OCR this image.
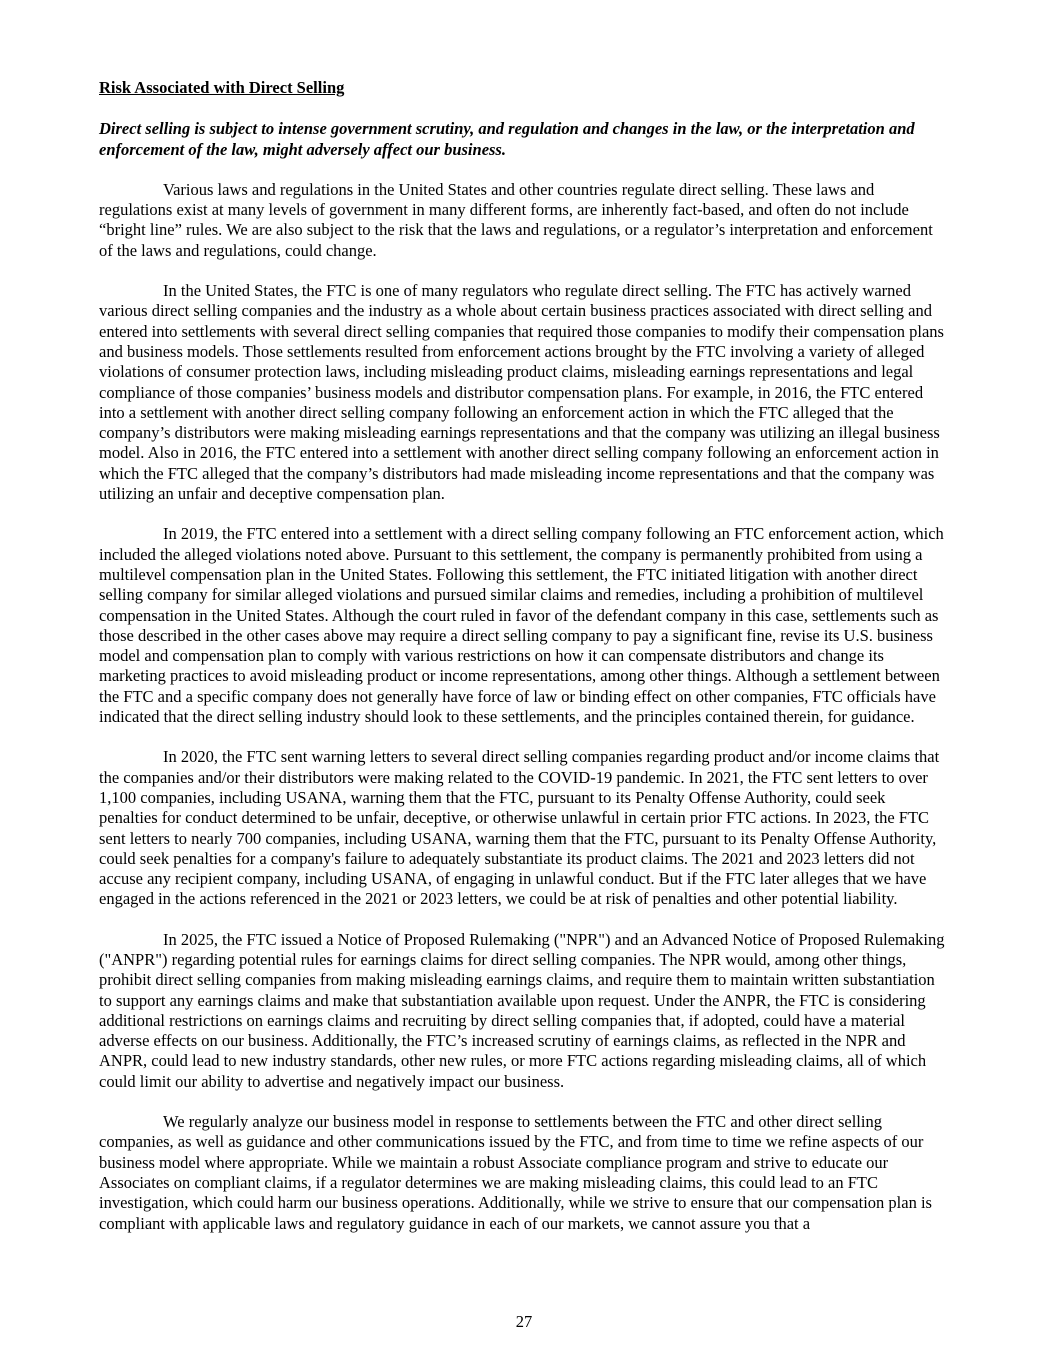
Risk Associated with Direct Selling

Direct selling is subject to intense government scrutiny, and regulation and changes in the law, or the interpretation and enforcement of the law, might adversely affect our business.

Various laws and regulations in the United States and other countries regulate direct selling. These laws and regulations exist at many levels of government in many different forms, are inherently fact-based, and often do not include “bright line” rules. We are also subject to the risk that the laws and regulations, or a regulator’s interpretation and enforcement of the laws and regulations, could change.

In the United States, the FTC is one of many regulators who regulate direct selling. The FTC has actively warned various direct selling companies and the industry as a whole about certain business practices associated with direct selling and entered into settlements with several direct selling companies that required those companies to modify their compensation plans and business models. Those settlements resulted from enforcement actions brought by the FTC involving a variety of alleged violations of consumer protection laws, including misleading product claims, misleading earnings representations and legal compliance of those companies’ business models and distributor compensation plans. For example, in 2016, the FTC entered into a settlement with another direct selling company following an enforcement action in which the FTC alleged that the company’s distributors were making misleading earnings representations and that the company was utilizing an illegal business model. Also in 2016, the FTC entered into a settlement with another direct selling company following an enforcement action in which the FTC alleged that the company’s distributors had made misleading income representations and that the company was utilizing an unfair and deceptive compensation plan.

In 2019, the FTC entered into a settlement with a direct selling company following an FTC enforcement action, which included the alleged violations noted above. Pursuant to this settlement, the company is permanently prohibited from using a multilevel compensation plan in the United States. Following this settlement, the FTC initiated litigation with another direct selling company for similar alleged violations and pursued similar claims and remedies, including a prohibition of multilevel compensation in the United States. Although the court ruled in favor of the defendant company in this case, settlements such as those described in the other cases above may require a direct selling company to pay a significant fine, revise its U.S. business model and compensation plan to comply with various restrictions on how it can compensate distributors and change its marketing practices to avoid misleading product or income representations, among other things. Although a settlement between the FTC and a specific company does not generally have force of law or binding effect on other companies, FTC officials have indicated that the direct selling industry should look to these settlements, and the principles contained therein, for guidance.

In 2020, the FTC sent warning letters to several direct selling companies regarding product and/or income claims that the companies and/or their distributors were making related to the COVID-19 pandemic. In 2021, the FTC sent letters to over 1,100 companies, including USANA, warning them that the FTC, pursuant to its Penalty Offense Authority, could seek penalties for conduct determined to be unfair, deceptive, or otherwise unlawful in certain prior FTC actions. In 2023, the FTC sent letters to nearly 700 companies, including USANA, warning them that the FTC, pursuant to its Penalty Offense Authority, could seek penalties for a company's failure to adequately substantiate its product claims. The 2021 and 2023 letters did not accuse any recipient company, including USANA, of engaging in unlawful conduct. But if the FTC later alleges that we have engaged in the actions referenced in the 2021 or 2023 letters, we could be at risk of penalties and other potential liability.

In 2025, the FTC issued a Notice of Proposed Rulemaking ("NPR") and an Advanced Notice of Proposed Rulemaking ("ANPR") regarding potential rules for earnings claims for direct selling companies. The NPR would, among other things, prohibit direct selling companies from making misleading earnings claims, and require them to maintain written substantiation to support any earnings claims and make that substantiation available upon request. Under the ANPR, the FTC is considering additional restrictions on earnings claims and recruiting by direct selling companies that, if adopted, could have a material adverse effects on our business. Additionally, the FTC’s increased scrutiny of earnings claims, as reflected in the NPR and ANPR, could lead to new industry standards, other new rules, or more FTC actions regarding misleading claims, all of which could limit our ability to advertise and negatively impact our business.

We regularly analyze our business model in response to settlements between the FTC and other direct selling companies, as well as guidance and other communications issued by the FTC, and from time to time we refine aspects of our business model where appropriate. While we maintain a robust Associate compliance program and strive to educate our Associates on compliant claims, if a regulator determines we are making misleading claims, this could lead to an FTC investigation, which could harm our business operations. Additionally, while we strive to ensure that our compensation plan is compliant with applicable laws and regulatory guidance in each of our markets, we cannot assure you that a

27
